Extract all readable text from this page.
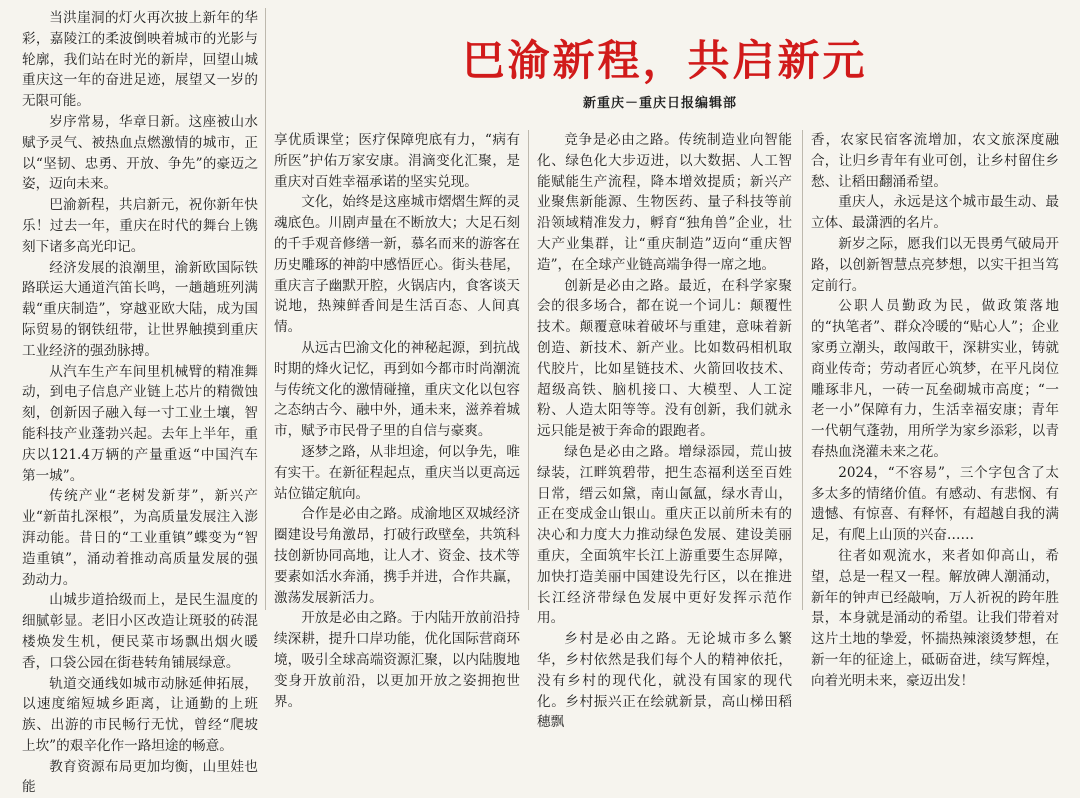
巴渝新程，共启新元
新重庆－重庆日报编辑部

当洪崖洞的灯火再次披上新年的华彩，嘉陵江的柔波倒映着城市的光影与轮廓，我们站在时光的新岸，回望山城重庆这一年的奋进足迹，展望又一岁的无限可能。

岁序常易，华章日新。这座被山水赋予灵气、被热血点燃激情的城市，正以“坚韧、忠勇、开放、争先”的豪迈之姿，迈向未来。

巴渝新程，共启新元，祝你新年快乐！过去一年，重庆在时代的舞台上镌刻下诸多高光印记。

经济发展的浪潮里，渝新欧国际铁路联运大通道汽笛长鸣，一趟趟班列满载“重庆制造”，穿越亚欧大陆，成为国际贸易的钢铁纽带，让世界触摸到重庆工业经济的强劲脉搏。

从汽车生产车间里机械臂的精准舞动，到电子信息产业链上芯片的精微蚀刻，创新因子融入每一寸工业土壤，智能科技产业蓬勃兴起。去年上半年，重庆以121.4万辆的产量重返“中国汽车第一城”。

传统产业“老树发新芽”，新兴产业“新苗扎深根”，为高质量发展注入澎湃动能。昔日的“工业重镇”蝶变为“智造重镇”，涌动着推动高质量发展的强劲动力。

山城步道拾级而上，是民生温度的细腻彰显。老旧小区改造让斑驳的砖混楼焕发生机，便民菜市场飘出烟火暖香，口袋公园在街巷转角铺展绿意。

轨道交通线如城市动脉延伸拓展，以速度缩短城乡距离，让通勤的上班族、出游的市民畅行无忧，曾经“爬坡上坎”的艰辛化作一路坦途的畅意。

教育资源布局更加均衡，山里娃也能

享优质课堂；医疗保障兜底有力，“病有所医”护佑万家安康。涓滴变化汇聚，是重庆对百姓幸福承诺的坚实兑现。

文化，始终是这座城市熠熠生辉的灵魂底色。川剧声量在不断放大；大足石刻的千手观音修缮一新，慕名而来的游客在历史雕琢的神韵中感悟匠心。街头巷尾，重庆言子幽默开腔，火锅店内，食客谈天说地，热辣鲜香间是生活百态、人间真情。

从远古巴渝文化的神秘起源，到抗战时期的烽火记忆，再到如今都市时尚潮流与传统文化的激情碰撞，重庆文化以包容之态纳古今、融中外，通未来，滋养着城市，赋予市民骨子里的自信与豪爽。

逐梦之路，从非坦途，何以争先，唯有实干。在新征程起点，重庆当以更高远站位锚定航向。

合作是必由之路。成渝地区双城经济圈建设号角激昂，打破行政壁垒，共筑科技创新协同高地，让人才、资金、技术等要素如活水奔涌，携手并进，合作共赢，激荡发展新活力。

开放是必由之路。于内陆开放前沿持续深耕，提升口岸功能，优化国际营商环境，吸引全球高端资源汇聚，以内陆腹地变身开放前沿，以更加开放之姿拥抱世界。

竞争是必由之路。传统制造业向智能化、绿色化大步迈进，以大数据、人工智能赋能生产流程，降本增效提质；新兴产业聚焦新能源、生物医药、量子科技等前沿领域精准发力，孵育“独角兽”企业，壮大产业集群，让“重庆制造”迈向“重庆智造”，在全球产业链高端争得一席之地。

创新是必由之路。最近，在科学家聚会的很多场合，都在说一个词儿：颠覆性技术。颠覆意味着破坏与重建，意味着新创造、新技术、新产业。比如数码相机取代胶片，比如星链技术、火箭回收技术、超级高铁、脑机接口、大模型、人工淀粉、人造太阳等等。没有创新，我们就永远只能是被于奔命的跟跑者。

绿色是必由之路。增绿添园，荒山披绿装，江畔筑碧带，把生态福利送至百姓日常，缙云如黛，南山氤氲，绿水青山，正在变成金山银山。重庆正以前所未有的决心和力度大力推动绿色发展、建设美丽重庆，全面筑牢长江上游重要生态屏障，加快打造美丽中国建设先行区，以在推进长江经济带绿色发展中更好发挥示范作用。

乡村是必由之路。无论城市多么繁华，乡村依然是我们每个人的精神依托，没有乡村的现代化，就没有国家的现代化。乡村振兴正在绘就新景，高山梯田稻穗飘

香，农家民宿客流增加，农文旅深度融合，让归乡青年有业可创，让乡村留住乡愁、让稻田翻涌希望。

重庆人，永远是这个城市最生动、最立体、最潇洒的名片。

新岁之际，愿我们以无畏勇气破局开路，以创新智慧点亮梦想，以实干担当笃定前行。

公职人员勤政为民，做政策落地的“执笔者”、群众冷暖的“贴心人”；企业家勇立潮头，敢闯敢干，深耕实业，铸就商业传奇；劳动者匠心筑梦，在平凡岗位雕琢非凡，一砖一瓦垒砌城市高度；“一老一小”保障有力，生活幸福安康；青年一代朝气蓬勃，用所学为家乡添彩，以青春热血浇灌未来之花。

2024，“不容易”，三个字包含了太多太多的情绪价值。有感动、有悲悯、有遗憾、有惊喜、有释怀，有超越自我的满足，有爬上山顶的兴奋……

往者如观流水，来者如仰高山，希望，总是一程又一程。解放碑人潮涌动，新年的钟声已经敲响，万人祈祝的跨年胜景，本身就是涌动的希望。让我们带着对这片土地的挚爱，怀揣热辣滚烫梦想，在新一年的征途上，砥砺奋进，续写辉煌，向着光明未来，豪迈出发！
